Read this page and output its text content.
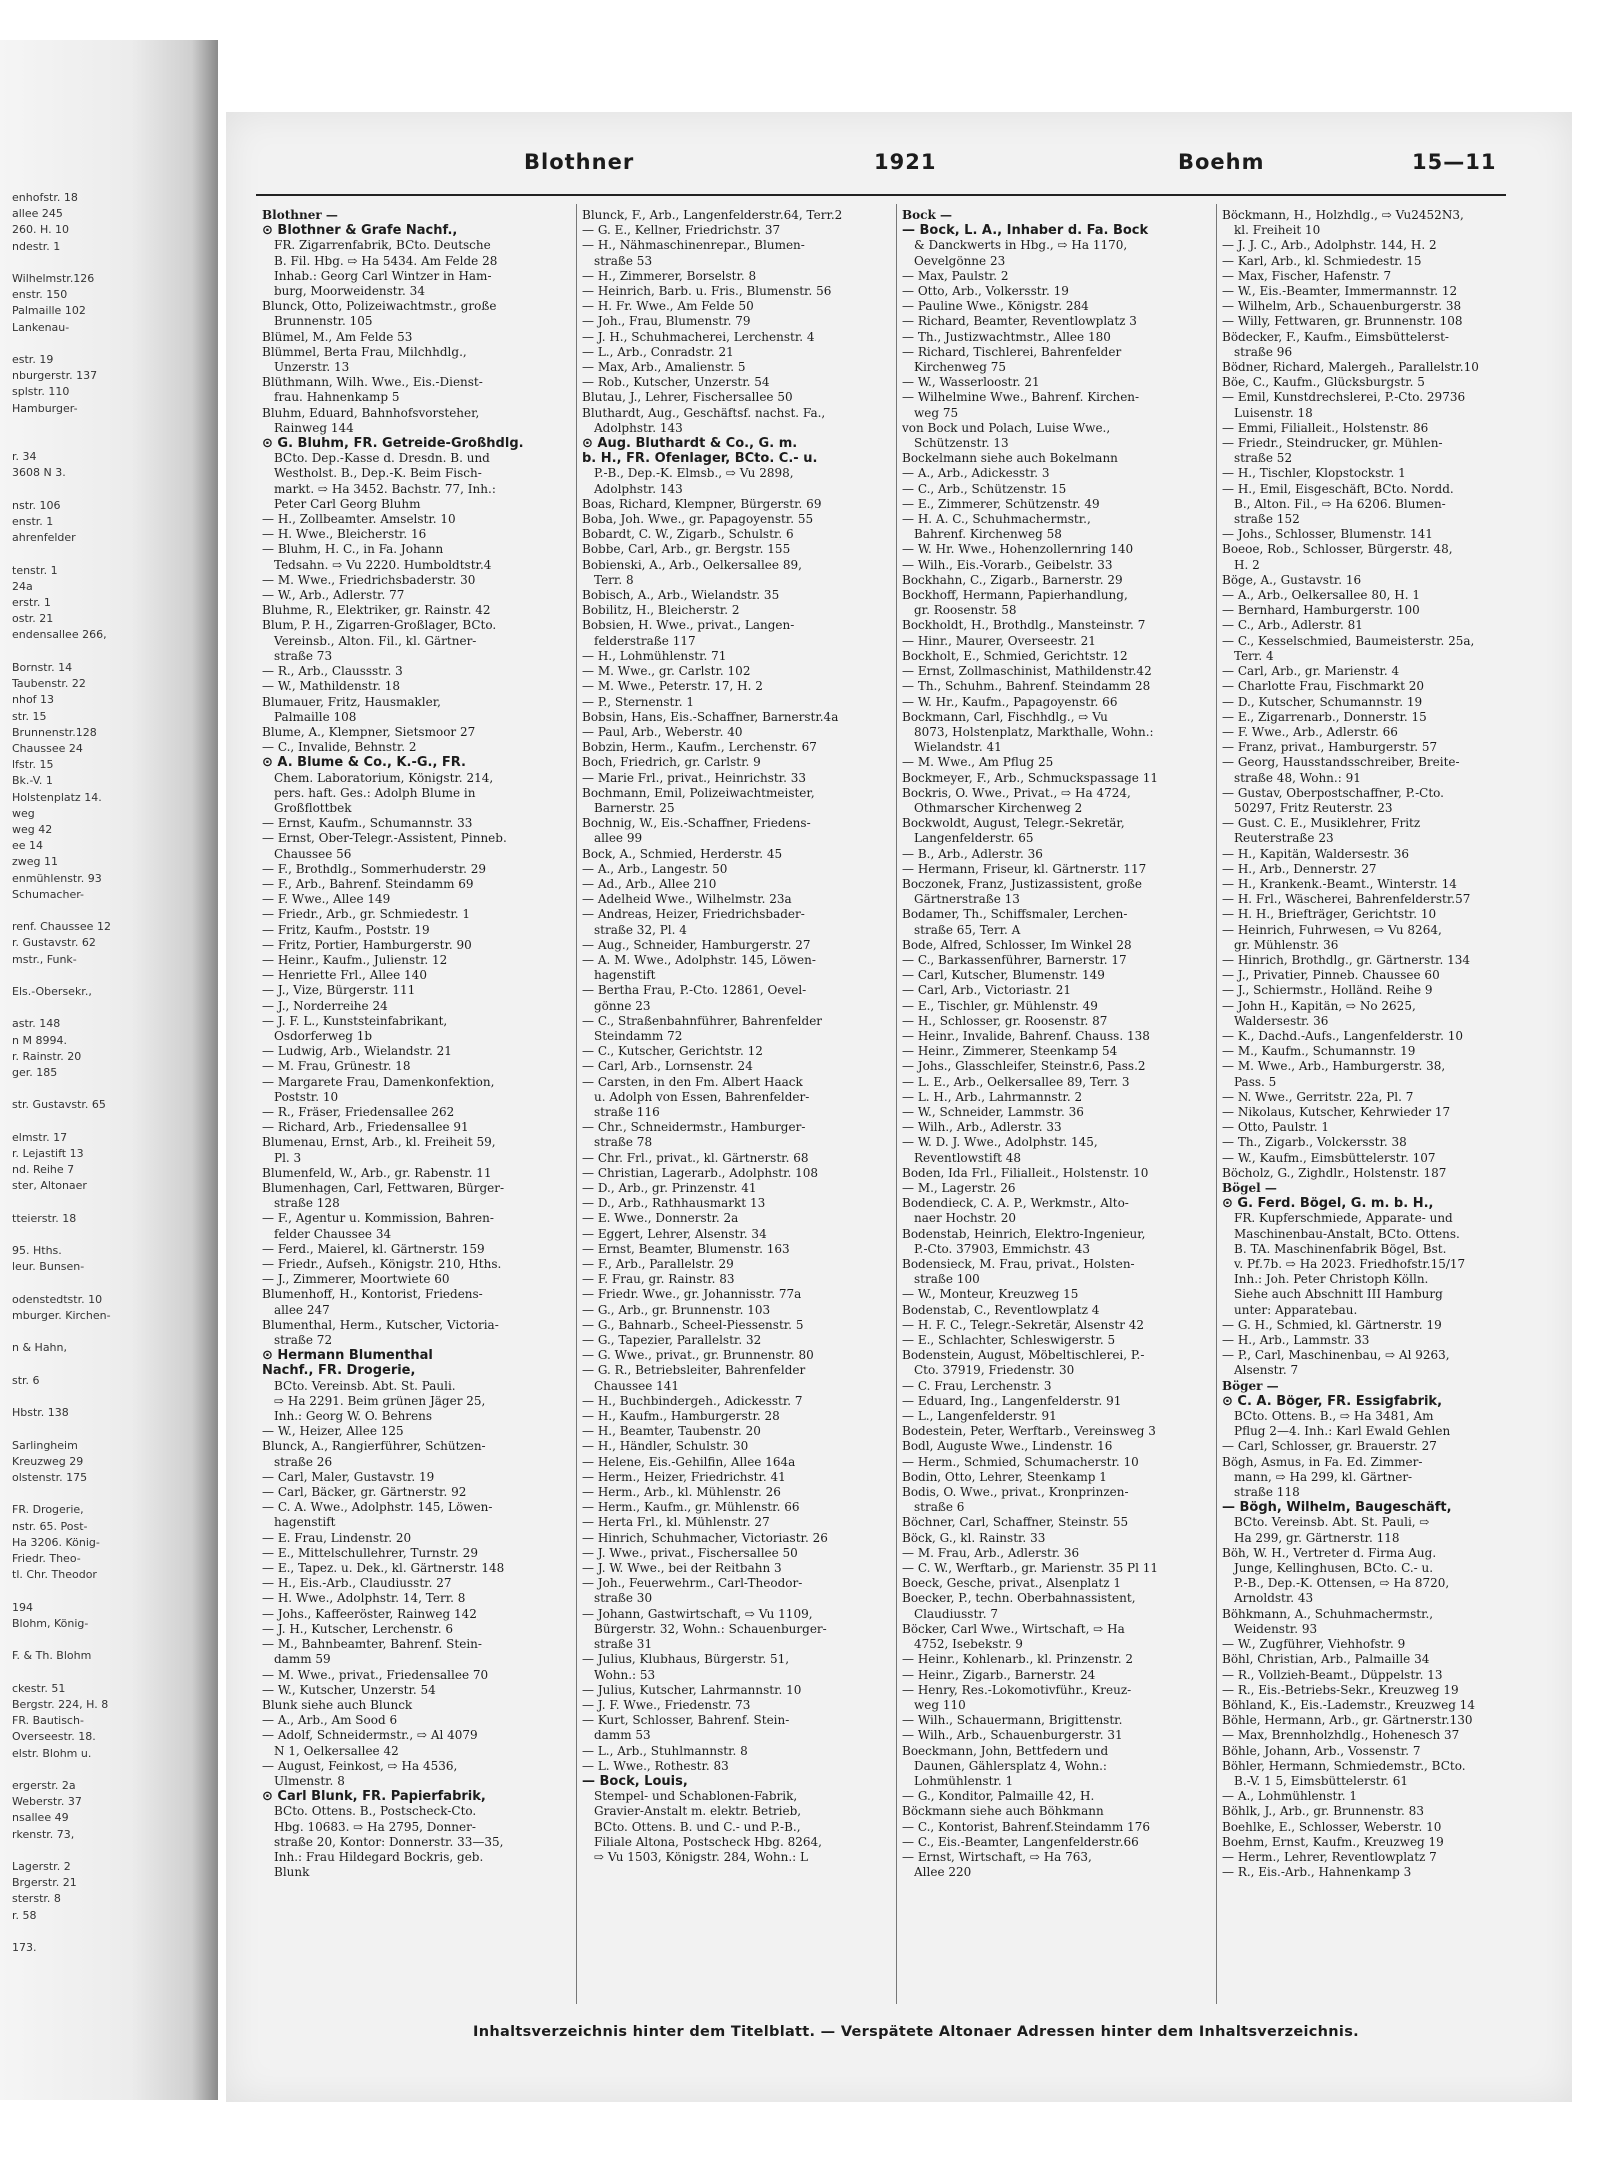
enhofstr. 18
allee 245
260. H. 10
ndestr. 1

Wilhelmstr.126
enstr. 150
Palmaille 102
Lankenau-

estr. 19
nburgerstr. 137
splstr. 110
Hamburger-

r. 34
3608 N 3.

nstr. 106
enstr. 1
ahrenfelder

tenstr. 1
24a
erstr. 1
ostr. 21
endensallee 266,

Bornstr. 14
Taubenstr. 22
nhof 13
str. 15
Brunnenstr.128
Chaussee 24
lfstr. 15
Bk.-V. 1
Holstenplatz 14.
weg
weg 42
ee 14
zweg 11
enmühlenstr. 93
Schumacher-

renf. Chaussee 12
r. Gustavstr. 62
mstr., Funk-

Els.-Obersekr.,

astr. 148
n M 8994.
r. Rainstr. 20
ger. 185

str. Gustavstr. 65

elmstr. 17
r. Lejastift 13
nd. Reihe 7
ster, Altonaer

tteierstr. 18

95. Hths.
leur. Bunsen-

odenstedtstr. 10
mburger. Kirchen-

n & Hahn,

str. 6

Hbstr. 138

Sarlingheim
Kreuzweg 29
olstenstr. 175

FR. Drogerie,
nstr. 65. Post-
Ha 3206. König-
Friedr. Theo-
tl. Chr. Theodor

194
Blohm, König-

F. & Th. Blohm

ckestr. 51
Bergstr. 224, H. 8
FR. Bautisch-
Overseestr. 18.
elstr. Blohm u.

ergerstr. 2a
Weberstr. 37
nsallee 49
rkenstr. 73,

Lagerstr. 2
Brgerstr. 21
sterstr. 8
r. 58

173.
Blothner	1921	Boehm	15—11
Blothner —
⊙ Blothner & Grafe Nachf.,
FR. Zigarrenfabrik, BCto. Deutsche
B. Fil. Hbg. ⇨ Ha 5434. Am Felde 28
Inhab.: Georg Carl Wintzer in Ham-
burg, Moorweidenstr. 34
Blunck, Otto, Polizeiwachtmstr., große
Brunnenstr. 105
Blümel, M., Am Felde 53
Blümmel, Berta Frau, Milchhdlg.,
Unzerstr. 13
Blüthmann, Wilh. Wwe., Eis.-Dienst-
frau. Hahnenkamp 5
Bluhm, Eduard, Bahnhofsvorsteher,
Rainweg 144
⊙ G. Bluhm, FR. Getreide-Großhdlg.
BCto. Dep.-Kasse d. Dresdn. B. und
Westholst. B., Dep.-K. Beim Fisch-
markt. ⇨ Ha 3452. Bachstr. 77, Inh.:
Peter Carl Georg Bluhm
— H., Zollbeamter. Amselstr. 10
— H. Wwe., Bleicherstr. 16
— Bluhm, H. C., in Fa. Johann
Tedsahn. ⇨ Vu 2220. Humboldtstr.4
— M. Wwe., Friedrichsbaderstr. 30
— W., Arb., Adlerstr. 77
Bluhme, R., Elektriker, gr. Rainstr. 42
Blum, P. H., Zigarren-Großlager, BCto.
Vereinsb., Alton. Fil., kl. Gärtner-
straße 73
— R., Arb., Claussstr. 3
— W., Mathildenstr. 18
Blumauer, Fritz, Hausmakler,
Palmaille 108
Blume, A., Klempner, Sietsmoor 27
— C., Invalide, Behnstr. 2
⊙ A. Blume & Co., K.-G., FR.
Chem. Laboratorium, Königstr. 214,
pers. haft. Ges.: Adolph Blume in
Großflottbek
— Ernst, Kaufm., Schumannstr. 33
— Ernst, Ober-Telegr.-Assistent, Pinneb.
Chaussee 56
— F., Brothdlg., Sommerhuderstr. 29
— F., Arb., Bahrenf. Steindamm 69
— F. Wwe., Allee 149
— Friedr., Arb., gr. Schmiedestr. 1
— Fritz, Kaufm., Poststr. 19
— Fritz, Portier, Hamburgerstr. 90
— Heinr., Kaufm., Julienstr. 12
— Henriette Frl., Allee 140
— J., Vize, Bürgerstr. 111
— J., Norderreihe 24
— J. F. L., Kunststeinfabrikant,
Osdorferweg 1b
— Ludwig, Arb., Wielandstr. 21
— M. Frau, Grünestr. 18
— Margarete Frau, Damenkonfektion,
Poststr. 10
— R., Fräser, Friedensallee 262
— Richard, Arb., Friedensallee 91
Blumenau, Ernst, Arb., kl. Freiheit 59,
Pl. 3
Blumenfeld, W., Arb., gr. Rabenstr. 11
Blumenhagen, Carl, Fettwaren, Bürger-
straße 128
— F., Agentur u. Kommission, Bahren-
felder Chaussee 34
— Ferd., Maierel, kl. Gärtnerstr. 159
— Friedr., Aufseh., Königstr. 210, Hths.
— J., Zimmerer, Moortwiete 60
Blumenhoff, H., Kontorist, Friedens-
allee 247
Blumenthal, Herm., Kutscher, Victoria-
straße 72
⊙ Hermann Blumenthal
Nachf., FR. Drogerie,
BCto. Vereinsb. Abt. St. Pauli.
⇨ Ha 2291. Beim grünen Jäger 25,
Inh.: Georg W. O. Behrens
— W., Heizer, Allee 125
Blunck, A., Rangierführer, Schützen-
straße 26
— Carl, Maler, Gustavstr. 19
— Carl, Bäcker, gr. Gärtnerstr. 92
— C. A. Wwe., Adolphstr. 145, Löwen-
hagenstift
— E. Frau, Lindenstr. 20
— E., Mittelschullehrer, Turnstr. 29
— E., Tapez. u. Dek., kl. Gärtnerstr. 148
— H., Eis.-Arb., Claudiusstr. 27
— H. Wwe., Adolphstr. 14, Terr. 8
— Johs., Kaffeeröster, Rainweg 142
— J. H., Kutscher, Lerchenstr. 6
— M., Bahnbeamter, Bahrenf. Stein-
damm 59
— M. Wwe., privat., Friedensallee 70
— W., Kutscher, Unzerstr. 54
Blunk siehe auch Blunck
— A., Arb., Am Sood 6
— Adolf, Schneidermstr., ⇨ Al 4079
N 1, Oelkersallee 42
— August, Feinkost, ⇨ Ha 4536,
Ulmenstr. 8
⊙ Carl Blunk, FR. Papierfabrik,
BCto. Ottens. B., Postscheck-Cto.
Hbg. 10683. ⇨ Ha 2795, Donner-
straße 20, Kontor: Donnerstr. 33—35,
Inh.: Frau Hildegard Bockris, geb.
Blunk
Blunck, F., Arb., Langenfelderstr.64, Terr.2
— G. E., Kellner, Friedrichstr. 37
— H., Nähmaschinenrepar., Blumen-
straße 53
— H., Zimmerer, Borselstr. 8
— Heinrich, Barb. u. Fris., Blumenstr. 56
— H. Fr. Wwe., Am Felde 50
— Joh., Frau, Blumenstr. 79
— J. H., Schuhmacherei, Lerchenstr. 4
— L., Arb., Conradstr. 21
— Max, Arb., Amalienstr. 5
— Rob., Kutscher, Unzerstr. 54
Blutau, J., Lehrer, Fischersallee 50
Bluthardt, Aug., Geschäftsf. nachst. Fa.,
Adolphstr. 143
⊙ Aug. Bluthardt & Co., G. m.
b. H., FR. Ofenlager, BCto. C.- u.
P.-B., Dep.-K. Elmsb., ⇨ Vu 2898,
Adolphstr. 143
Boas, Richard, Klempner, Bürgerstr. 69
Boba, Joh. Wwe., gr. Papagoyenstr. 55
Bobardt, C. W., Zigarb., Schulstr. 6
Bobbe, Carl, Arb., gr. Bergstr. 155
Bobienski, A., Arb., Oelkersallee 89,
Terr. 8
Bobisch, A., Arb., Wielandstr. 35
Bobilitz, H., Bleicherstr. 2
Bobsien, H. Wwe., privat., Langen-
felderstraße 117
— H., Lohmühlenstr. 71
— M. Wwe., gr. Carlstr. 102
— M. Wwe., Peterstr. 17, H. 2
— P., Sternenstr. 1
Bobsin, Hans, Eis.-Schaffner, Barnerstr.4a
— Paul, Arb., Weberstr. 40
Bobzin, Herm., Kaufm., Lerchenstr. 67
Boch, Friedrich, gr. Carlstr. 9
— Marie Frl., privat., Heinrichstr. 33
Bochmann, Emil, Polizeiwachtmeister,
Barnerstr. 25
Bochnig, W., Eis.-Schaffner, Friedens-
allee 99
Bock, A., Schmied, Herderstr. 45
— A., Arb., Langestr. 50
— Ad., Arb., Allee 210
— Adelheid Wwe., Wilhelmstr. 23a
— Andreas, Heizer, Friedrichsbader-
straße 32, Pl. 4
— Aug., Schneider, Hamburgerstr. 27
— A. M. Wwe., Adolphstr. 145, Löwen-
hagenstift
— Bertha Frau, P.-Cto. 12861, Oevel-
gönne 23
— C., Straßenbahnführer, Bahrenfelder
Steindamm 72
— C., Kutscher, Gerichtstr. 12
— Carl, Arb., Lornsenstr. 24
— Carsten, in den Fm. Albert Haack
u. Adolph von Essen, Bahrenfelder-
straße 116
— Chr., Schneidermstr., Hamburger-
straße 78
— Chr. Frl., privat., kl. Gärtnerstr. 68
— Christian, Lagerarb., Adolphstr. 108
— D., Arb., gr. Prinzenstr. 41
— D., Arb., Rathhausmarkt 13
— E. Wwe., Donnerstr. 2a
— Eggert, Lehrer, Alsenstr. 34
— Ernst, Beamter, Blumenstr. 163
— F., Arb., Parallelstr. 29
— F. Frau, gr. Rainstr. 83
— Friedr. Wwe., gr. Johannisstr. 77a
— G., Arb., gr. Brunnenstr. 103
— G., Bahnarb., Scheel-Piessenstr. 5
— G., Tapezier, Parallelstr. 32
— G. Wwe., privat., gr. Brunnenstr. 80
— G. R., Betriebsleiter, Bahrenfelder
Chaussee 141
— H., Buchbindergeh., Adickesstr. 7
— H., Kaufm., Hamburgerstr. 28
— H., Beamter, Taubenstr. 20
— H., Händler, Schulstr. 30
— Helene, Eis.-Gehilfin, Allee 164a
— Herm., Heizer, Friedrichstr. 41
— Herm., Arb., kl. Mühlenstr. 26
— Herm., Kaufm., gr. Mühlenstr. 66
— Herta Frl., kl. Mühlenstr. 27
— Hinrich, Schuhmacher, Victoriastr. 26
— J. Wwe., privat., Fischersallee 50
— J. W. Wwe., bei der Reitbahn 3
— Joh., Feuerwehrm., Carl-Theodor-
straße 30
— Johann, Gastwirtschaft, ⇨ Vu 1109,
Bürgerstr. 32, Wohn.: Schauenburger-
straße 31
— Julius, Klubhaus, Bürgerstr. 51,
Wohn.: 53
— Julius, Kutscher, Lahrmannstr. 10
— J. F. Wwe., Friedenstr. 73
— Kurt, Schlosser, Bahrenf. Stein-
damm 53
— L., Arb., Stuhlmannstr. 8
— L. Wwe., Rothestr. 83
— Bock, Louis,
Stempel- und Schablonen-Fabrik,
Gravier-Anstalt m. elektr. Betrieb,
BCto. Ottens. B. und C.- und P.-B.,
Filiale Altona, Postscheck Hbg. 8264,
⇨ Vu 1503, Königstr. 284, Wohn.: L
Bock —
— Bock, L. A., Inhaber d. Fa. Bock
& Danckwerts in Hbg., ⇨ Ha 1170,
Oevelgönne 23
— Max, Paulstr. 2
— Otto, Arb., Volkersstr. 19
— Pauline Wwe., Königstr. 284
— Richard, Beamter, Reventlowplatz 3
— Th., Justizwachtmstr., Allee 180
— Richard, Tischlerei, Bahrenfelder
Kirchenweg 75
— W., Wasserloostr. 21
— Wilhelmine Wwe., Bahrenf. Kirchen-
weg 75
von Bock und Polach, Luise Wwe.,
Schützenstr. 13
Bockelmann siehe auch Bokelmann
— A., Arb., Adickesstr. 3
— C., Arb., Schützenstr. 15
— E., Zimmerer, Schützenstr. 49
— H. A. C., Schuhmachermstr.,
Bahrenf. Kirchenweg 58
— W. Hr. Wwe., Hohenzollernring 140
— Wilh., Eis.-Vorarb., Geibelstr. 33
Bockhahn, C., Zigarb., Barnerstr. 29
Bockhoff, Hermann, Papierhandlung,
gr. Roosenstr. 58
Bockholdt, H., Brothdlg., Mansteinstr. 7
— Hinr., Maurer, Overseestr. 21
Bockholt, E., Schmied, Gerichtstr. 12
— Ernst, Zollmaschinist, Mathildenstr.42
— Th., Schuhm., Bahrenf. Steindamm 28
— W. Hr., Kaufm., Papagoyenstr. 66
Bockmann, Carl, Fischhdlg., ⇨ Vu
8073, Holstenplatz, Markthalle, Wohn.:
Wielandstr. 41
— M. Wwe., Am Pflug 25
Bockmeyer, F., Arb., Schmuckspassage 11
Bockris, O. Wwe., Privat., ⇨ Ha 4724,
Othmarscher Kirchenweg 2
Bockwoldt, August, Telegr.-Sekretär,
Langenfelderstr. 65
— B., Arb., Adlerstr. 36
— Hermann, Friseur, kl. Gärtnerstr. 117
Boczonek, Franz, Justizassistent, große
Gärtnerstraße 13
Bodamer, Th., Schiffsmaler, Lerchen-
straße 65, Terr. A
Bode, Alfred, Schlosser, Im Winkel 28
— C., Barkassenführer, Barnerstr. 17
— Carl, Kutscher, Blumenstr. 149
— Carl, Arb., Victoriastr. 21
— E., Tischler, gr. Mühlenstr. 49
— H., Schlosser, gr. Roosenstr. 87
— Heinr., Invalide, Bahrenf. Chauss. 138
— Heinr., Zimmerer, Steenkamp 54
— Johs., Glasschleifer, Steinstr.6, Pass.2
— L. E., Arb., Oelkersallee 89, Terr. 3
— L. H., Arb., Lahrmannstr. 2
— W., Schneider, Lammstr. 36
— Wilh., Arb., Adlerstr. 33
— W. D. J. Wwe., Adolphstr. 145,
Reventlowstift 48
Boden, Ida Frl., Filialleit., Holstenstr. 10
— M., Lagerstr. 26
Bodendieck, C. A. P., Werkmstr., Alto-
naer Hochstr. 20
Bodenstab, Heinrich, Elektro-Ingenieur,
P.-Cto. 37903, Emmichstr. 43
Bodensieck, M. Frau, privat., Holsten-
straße 100
— W., Monteur, Kreuzweg 15
Bodenstab, C., Reventlowplatz 4
— H. F. C., Telegr.-Sekretär, Alsenstr 42
— E., Schlachter, Schleswigerstr. 5
Bodenstein, August, Möbeltischlerei, P.-
Cto. 37919, Friedenstr. 30
— C. Frau, Lerchenstr. 3
— Eduard, Ing., Langenfelderstr. 91
— L., Langenfelderstr. 91
Bodestein, Peter, Werftarb., Vereinsweg 3
Bodl, Auguste Wwe., Lindenstr. 16
— Herm., Schmied, Schumacherstr. 10
Bodin, Otto, Lehrer, Steenkamp 1
Bodis, O. Wwe., privat., Kronprinzen-
straße 6
Böchner, Carl, Schaffner, Steinstr. 55
Böck, G., kl. Rainstr. 33
— M. Frau, Arb., Adlerstr. 36
— C. W., Werftarb., gr. Marienstr. 35 Pl 11
Boeck, Gesche, privat., Alsenplatz 1
Boecker, P., techn. Oberbahnassistent,
Claudiusstr. 7
Böcker, Carl Wwe., Wirtschaft, ⇨ Ha
4752, Isebekstr. 9
— Heinr., Kohlenarb., kl. Prinzenstr. 2
— Heinr., Zigarb., Barnerstr. 24
— Henry, Res.-Lokomotivführ., Kreuz-
weg 110
— Wilh., Schauermann, Brigittenstr.
— Wilh., Arb., Schauenburgerstr. 31
Boeckmann, John, Bettfedern und
Daunen, Gählersplatz 4, Wohn.:
Lohmühlenstr. 1
— G., Konditor, Palmaille 42, H.
Böckmann siehe auch Böhkmann
— C., Kontorist, Bahrenf.Steindamm 176
— C., Eis.-Beamter, Langenfelderstr.66
— Ernst, Wirtschaft, ⇨ Ha 763,
Allee 220
Böckmann, H., Holzhdlg., ⇨ Vu2452N3,
kl. Freiheit 10
— J. J. C., Arb., Adolphstr. 144, H. 2
— Karl, Arb., kl. Schmiedestr. 15
— Max, Fischer, Hafenstr. 7
— W., Eis.-Beamter, Immermannstr. 12
— Wilhelm, Arb., Schauenburgerstr. 38
— Willy, Fettwaren, gr. Brunnenstr. 108
Bödecker, F., Kaufm., Eimsbüttelerst-
straße 96
Bödner, Richard, Malergeh., Parallelstr.10
Böe, C., Kaufm., Glücksburgstr. 5
— Emil, Kunstdrechslerei, P.-Cto. 29736
Luisenstr. 18
— Emmi, Filialleit., Holstenstr. 86
— Friedr., Steindrucker, gr. Mühlen-
straße 52
— H., Tischler, Klopstockstr. 1
— H., Emil, Eisgeschäft, BCto. Nordd.
B., Alton. Fil., ⇨ Ha 6206. Blumen-
straße 152
— Johs., Schlosser, Blumenstr. 141
Boeoe, Rob., Schlosser, Bürgerstr. 48,
H. 2
Böge, A., Gustavstr. 16
— A., Arb., Oelkersallee 80, H. 1
— Bernhard, Hamburgerstr. 100
— C., Arb., Adlerstr. 81
— C., Kesselschmied, Baumeisterstr. 25a,
Terr. 4
— Carl, Arb., gr. Marienstr. 4
— Charlotte Frau, Fischmarkt 20
— D., Kutscher, Schumannstr. 19
— E., Zigarrenarb., Donnerstr. 15
— F. Wwe., Arb., Adlerstr. 66
— Franz, privat., Hamburgerstr. 57
— Georg, Hausstandsschreiber, Breite-
straße 48, Wohn.: 91
— Gustav, Oberpostschaffner, P.-Cto.
50297, Fritz Reuterstr. 23
— Gust. C. E., Musiklehrer, Fritz
Reuterstraße 23
— H., Kapitän, Waldersestr. 36
— H., Arb., Dennerstr. 27
— H., Krankenk.-Beamt., Winterstr. 14
— H. Frl., Wäscherei, Bahrenfelderstr.57
— H. H., Briefträger, Gerichtstr. 10
— Heinrich, Fuhrwesen, ⇨ Vu 8264,
gr. Mühlenstr. 36
— Hinrich, Brothdlg., gr. Gärtnerstr. 134
— J., Privatier, Pinneb. Chaussee 60
— J., Schiermstr., Holländ. Reihe 9
— John H., Kapitän, ⇨ No 2625,
Waldersestr. 36
— K., Dachd.-Aufs., Langenfelderstr. 10
— M., Kaufm., Schumannstr. 19
— M. Wwe., Arb., Hamburgerstr. 38,
Pass. 5
— N. Wwe., Gerritstr. 22a, Pl. 7
— Nikolaus, Kutscher, Kehrwieder 17
— Otto, Paulstr. 1
— Th., Zigarb., Volckersstr. 38
— W., Kaufm., Eimsbüttelerstr. 107
Böcholz, G., Zighdlr., Holstenstr. 187
Bögel —
⊙ G. Ferd. Bögel, G. m. b. H.,
FR. Kupferschmiede, Apparate- und
Maschinenbau-Anstalt, BCto. Ottens.
B. TA. Maschinenfabrik Bögel, Bst.
v. Pf.7b. ⇨ Ha 2023. Friedhofstr.15/17
Inh.: Joh. Peter Christoph Kölln.
Siehe auch Abschnitt III Hamburg
unter: Apparatebau.
— G. H., Schmied, kl. Gärtnerstr. 19
— H., Arb., Lammstr. 33
— P., Carl, Maschinenbau, ⇨ Al 9263,
Alsenstr. 7
Böger —
⊙ C. A. Böger, FR. Essigfabrik,
BCto. Ottens. B., ⇨ Ha 3481, Am
Pflug 2—4. Inh.: Karl Ewald Gehlen
— Carl, Schlosser, gr. Brauerstr. 27
Bögh, Asmus, in Fa. Ed. Zimmer-
mann, ⇨ Ha 299, kl. Gärtner-
straße 118
— Bögh, Wilhelm, Baugeschäft,
BCto. Vereinsb. Abt. St. Pauli, ⇨
Ha 299, gr. Gärtnerstr. 118
Böh, W. H., Vertreter d. Firma Aug.
Junge, Kellinghusen, BCto. C.- u.
P.-B., Dep.-K. Ottensen, ⇨ Ha 8720,
Arnoldstr. 43
Böhkmann, A., Schuhmachermstr.,
Weidenstr. 93
— W., Zugführer, Viehhofstr. 9
Böhl, Christian, Arb., Palmaille 34
— R., Vollzieh-Beamt., Düppelstr. 13
— R., Eis.-Betriebs-Sekr., Kreuzweg 19
Böhland, K., Eis.-Lademstr., Kreuzweg 14
Böhle, Hermann, Arb., gr. Gärtnerstr.130
— Max, Brennholzhdlg., Hohenesch 37
Böhle, Johann, Arb., Vossenstr. 7
Böhler, Hermann, Schmiedemstr., BCto.
B.-V. 1 5, Eimsbüttelerstr. 61
— A., Lohmühlenstr. 1
Böhlk, J., Arb., gr. Brunnenstr. 83
Boehlke, E., Schlosser, Weberstr. 10
Boehm, Ernst, Kaufm., Kreuzweg 19
— Herm., Lehrer, Reventlowplatz 7
— R., Eis.-Arb., Hahnenkamp 3
Inhaltsverzeichnis hinter dem Titelblatt. — Verspätete Altonaer Adressen hinter dem Inhaltsverzeichnis.
